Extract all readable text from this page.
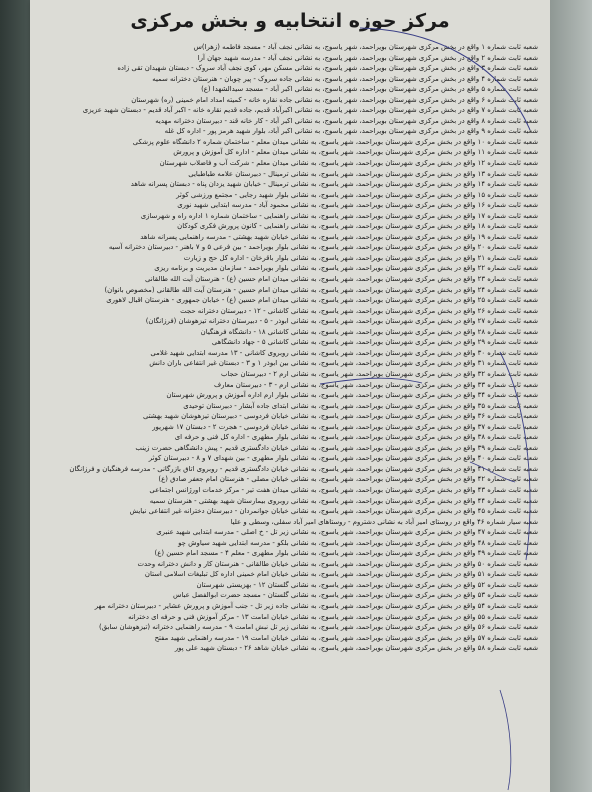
مرکز حوزه انتخابیه و بخش مرکزی
شعبه ثابت شماره ۱ واقع در بخش مرکزی شهرستان بویراحمد، شهر یاسوج، به نشانی نجف آباد - مسجد فاطمه (زهرا)س
شعبه ثابت شماره ۲ واقع در بخش مرکزی شهرستان بویراحمد، شهر یاسوج، به نشانی نجف آباد - مدرسه شهید جهان آرا
شعبه ثابت شماره ۳ واقع در بخش مرکزی شهرستان بویراحمد، شهر یاسوج، به نشانی مسکن مهر، کوی نجف آباد سروک - دبستان شهیدان تقی زاده
شعبه ثابت شماره ۴ واقع در بخش مرکزی شهرستان بویراحمد، شهر یاسوج، به نشانی جاده سروک - پیر چوبان - هنرستان دخترانه سمیه
شعبه ثابت شماره ۵ واقع در بخش مرکزی شهرستان بویراحمد، شهر یاسوج، به نشانی اکبر آباد - مسجد سیدالشهدا (ع)
شعبه ثابت شماره ۶ واقع در بخش مرکزی شهرستان بویراحمد، شهر یاسوج، به نشانی جاده نقاره خانه - کمیته امداد امام خمینی (ره) شهرستان
شعبه ثابت شماره ۷ واقع در بخش مرکزی شهرستان بویراحمد، شهر یاسوج، به نشانی اکبرآباد قدیم، جاده قدیم نقاره خانه - اکبر آباد قدیم - دبستان شهید عزیزی
شعبه ثابت شماره ۸ واقع در بخش مرکزی شهرستان بویراحمد، شهر یاسوج، به نشانی اکبر آباد - کار خانه قند - دبیرستان دخترانه مهدیه
شعبه ثابت شماره ۹ واقع در بخش مرکزی شهرستان بویراحمد، شهر یاسوج، به نشانی اکبر آباد، بلوار شهید هرمز پور - اداره کل غله
شعبه ثابت شماره ۱۰ واقع در بخش مرکزی شهرستان بویراحمد، شهر یاسوج، به نشانی میدان معلم - ساختمان شماره ۲ دانشگاه علوم پزشکی
شعبه ثابت شماره ۱۱ واقع در بخش مرکزی شهرستان بویراحمد، شهر یاسوج، به نشانی میدان معلم - اداره کل آموزش و پرورش
شعبه ثابت شماره ۱۲ واقع در بخش مرکزی شهرستان بویراحمد، شهر یاسوج، به نشانی میدان معلم - شرکت آب و فاضلاب شهرستان
شعبه ثابت شماره ۱۳ واقع در بخش مرکزی شهرستان بویراحمد، شهر یاسوج، به نشانی ترمینال - دبیرستان علامه طباطبایی
شعبه ثابت شماره ۱۴ واقع در بخش مرکزی شهرستان بویراحمد، شهر یاسوج، به نشانی ترمینال - خیابان شهید یزدان پناه - دبستان پسرانه شاهد
شعبه ثابت شماره ۱۵ واقع در بخش مرکزی شهرستان بویراحمد، شهر یاسوج، به نشانی بلوار شهید رجایی - مجتمع ورزشی کوثر
شعبه ثابت شماره ۱۶ واقع در بخش مرکزی شهرستان بویراحمد، شهر یاسوج، به نشانی محمود آباد - مدرسه ابتدایی شهید نوری
شعبه ثابت شماره ۱۷ واقع در بخش مرکزی شهرستان بویراحمد، شهر یاسوج، به نشانی راهنمایی - ساختمان شماره ۱ اداره راه و شهرسازی
شعبه ثابت شماره ۱۸ واقع در بخش مرکزی شهرستان بویراحمد، شهر یاسوج، به نشانی راهنمایی - کانون پرورش فکری کودکان
شعبه ثابت شماره ۱۹ واقع در بخش مرکزی شهرستان بویراحمد، شهر یاسوج، به نشانی خیابان شهید بهشتی - مدرسه راهنمایی پسرانه شاهد
شعبه ثابت شماره ۲۰ واقع در بخش مرکزی شهرستان بویراحمد، شهر یاسوج، به نشانی بلوار بویراحمد - بین فرعی ۵ و ۷ باهنر - دبیرستان دخترانه آسیه
شعبه ثابت شماره ۲۱ واقع در بخش مرکزی شهرستان بویراحمد، شهر یاسوج، به نشانی بلوار باقرخان - اداره کل حج و زیارت
شعبه ثابت شماره ۲۲ واقع در بخش مرکزی شهرستان بویراحمد، شهر یاسوج، به نشانی بلوار بویراحمد - سازمان مدیریت و برنامه ریزی
شعبه ثابت شماره ۲۳ واقع در بخش مرکزی شهرستان بویراحمد، شهر یاسوج، به نشانی میدان امام حسین (ع) - هنرستان آیت الله طالقانی
شعبه ثابت شماره ۲۴ واقع در بخش مرکزی شهرستان بویراحمد، شهر یاسوج، به نشانی میدان امام حسین - هنرستان آیت الله طالقانی (مخصوص بانوان)
شعبه ثابت شماره ۲۵ واقع در بخش مرکزی شهرستان بویراحمد، شهر یاسوج، به نشانی میدان امام حسین (ع) - خیابان جمهوری - هنرستان اقبال لاهوری
شعبه ثابت شماره ۲۶ واقع در بخش مرکزی شهرستان بویراحمد، شهر یاسوج، به نشانی کاشانی - ۱۲ - دبیرستان دخترانه حجت
شعبه ثابت شماره ۲۷ واقع در بخش مرکزی شهرستان بویراحمد، شهر یاسوج، به نشانی ابوذر - ۵ - دبیرستان دخترانه تیزهوشان (فرزانگان)
شعبه ثابت شماره ۲۸ واقع در بخش مرکزی شهرستان بویراحمد، شهر یاسوج، به نشانی کاشانی ۱۸ - دانشگاه فرهنگیان
شعبه ثابت شماره ۲۹ واقع در بخش مرکزی شهرستان بویراحمد، شهر یاسوج، به نشانی کاشانی ۵ - جهاد دانشگاهی
شعبه ثابت شماره ۳۰ واقع در بخش مرکزی شهرستان بویراحمد، شهر یاسوج، به نشانی روبروی کاشانی - ۱۳ مدرسه ابتدایی شهید غلامی
شعبه ثابت شماره ۳۱ واقع در بخش مرکزی شهرستان بویراحمد، شهر یاسوج، به نشانی بین ابوذر ۱ و ۳ - دبستان غیر انتفاعی باران دانش
شعبه ثابت شماره ۳۲ واقع در بخش مرکزی شهرستان بویراحمد، شهر یاسوج، به نشانی ارم ۲ - دبیرستان حجاب
شعبه ثابت شماره ۳۳ واقع در بخش مرکزی شهرستان بویراحمد، شهر یاسوج، به نشانی ارم - ۳ - دبیرستان معارف
شعبه ثابت شماره ۳۴ واقع در بخش مرکزی شهرستان بویراحمد، شهر یاسوج، به نشانی بلوار ارم اداره آموزش و پرورش شهرستان
شعبه ثابت شماره ۳۵ واقع در بخش مرکزی شهرستان بویراحمد، شهر یاسوج، به نشانی ابتدای جاده آبشار - دبیرستان توحیدی
شعبه ثابت شماره ۳۶ واقع در بخش مرکزی شهرستان بویراحمد، شهر یاسوج، به نشانی خیابان فردوسی - دبیرستان تیزهوشان شهید بهشتی
شعبه ثابت شماره ۳۷ واقع در بخش مرکزی شهرستان بویراحمد، شهر یاسوج، به نشانی خیابان فردوسی - هجرت ۲ - دبستان ۱۷ شهریور
شعبه ثابت شماره ۳۸ واقع در بخش مرکزی شهرستان بویراحمد، شهر یاسوج، به نشانی بلوار مطهری - اداره کل فنی و حرفه ای
شعبه ثابت شماره ۳۹ واقع در بخش مرکزی شهرستان بویراحمد، شهر یاسوج، به نشانی خیابان دادگستری قدیم - پیش دانشگاهی حضرت زینب
شعبه ثابت شماره ۴۰ واقع در بخش مرکزی شهرستان بویراحمد، شهر یاسوج، به نشانی بلوار مطهری - بین شهدای ۷ و ۸ - دبیرستان کوثر
شعبه ثابت شماره ۴۱ واقع در بخش مرکزی شهرستان بویراحمد، شهر یاسوج، به نشانی خیابان دادگستری قدیم - روبروی اتاق بازرگانی - مدرسه فرهنگیان و فرزانگان
شعبه ثابت شماره ۴۲ واقع در بخش مرکزی شهرستان بویراحمد، شهر یاسوج، به نشانی خیابان مصلی - هنرستان امام جعفر صادق (ع)
شعبه ثابت شماره ۴۳ واقع در بخش مرکزی شهرستان بویراحمد، شهر یاسوج، به نشانی میدان هفت تیر - مرکز خدمات اورژانس اجتماعی
شعبه ثابت شماره ۴۴ واقع در بخش مرکزی شهرستان بویراحمد، شهر یاسوج، به نشانی روبروی بیمارستان شهید بهشتی - هنرستان سمیه
شعبه ثابت شماره ۴۵ واقع در بخش مرکزی شهرستان بویراحمد، شهر یاسوج، به نشانی خیابان جوانمردان - دبیرستان دخترانه غیر انتفاعی نیایش
شعبه سیار شماره ۴۶ واقع در روستای امیر آباد به نشانی دشتروم - روستاهای امیر آباد سفلی، وسطی و علیا
شعبه ثابت شماره ۴۷ واقع در بخش مرکزی شهرستان بویراحمد، شهر یاسوج، به نشانی زیر تل - خ اصلی - مدرسه ابتدایی شهید عنبری
شعبه ثابت شماره ۴۸ واقع در بخش مرکزی شهرستان بویراحمد، شهر یاسوج، به نشانی بلکو - مدرسه ابتدایی شهید سیاوش چو
شعبه ثابت شماره ۴۹ واقع در بخش مرکزی شهرستان بویراحمد، شهر یاسوج، به نشانی بلوار مطهری - معلم ۴ - مسجد امام حسین (ع)
شعبه ثابت شماره ۵۰ واقع در بخش مرکزی شهرستان بویراحمد، شهر یاسوج، به نشانی خیابان طالقانی - هنرستان کار و دانش دخترانه وحدت
شعبه ثابت شماره ۵۱ واقع در بخش مرکزی شهرستان بویراحمد، شهر یاسوج، به نشانی خیابان امام خمینی اداره کل تبلیغات اسلامی استان
شعبه ثابت شماره ۵۲ واقع در بخش مرکزی شهرستان بویراحمد، شهر یاسوج، به نشانی گلستان ۱۲ - بهزیستی شهرستان
شعبه ثابت شماره ۵۳ واقع در بخش مرکزی شهرستان بویراحمد، شهر یاسوج، به نشانی گلستان - مسجد حضرت ابوالفضل عباس
شعبه ثابت شماره ۵۴ واقع در بخش مرکزی شهرستان بویراحمد، شهر یاسوج، به نشانی جاده زیر تل - جنب آموزش و پرورش عشایر - دبیرستان دخترانه مهر
شعبه ثابت شماره ۵۵ واقع در بخش مرکزی شهرستان بویراحمد، شهر یاسوج، به نشانی خیابان امامت ۱۳ - مرکز آموزش فنی و حرفه ای دخترانه
شعبه ثابت شماره ۵۶ واقع در بخش مرکزی شهرستان بویراحمد، شهر یاسوج، به نشانی زیر تل نبش امامت ۹ - مدرسه راهنمایی دخترانه (تیزهوشان سابق)
شعبه ثابت شماره ۵۷ واقع در بخش مرکزی شهرستان بویراحمد، شهر یاسوج، به نشانی خیابان امامت ۱۹ - مدرسه راهنمایی شهید مفتح
شعبه ثابت شماره ۵۸ واقع در بخش مرکزی شهرستان بویراحمد، شهر یاسوج، به نشانی خیابان شاهد ۲۶ - دبستان شهید علی پور
